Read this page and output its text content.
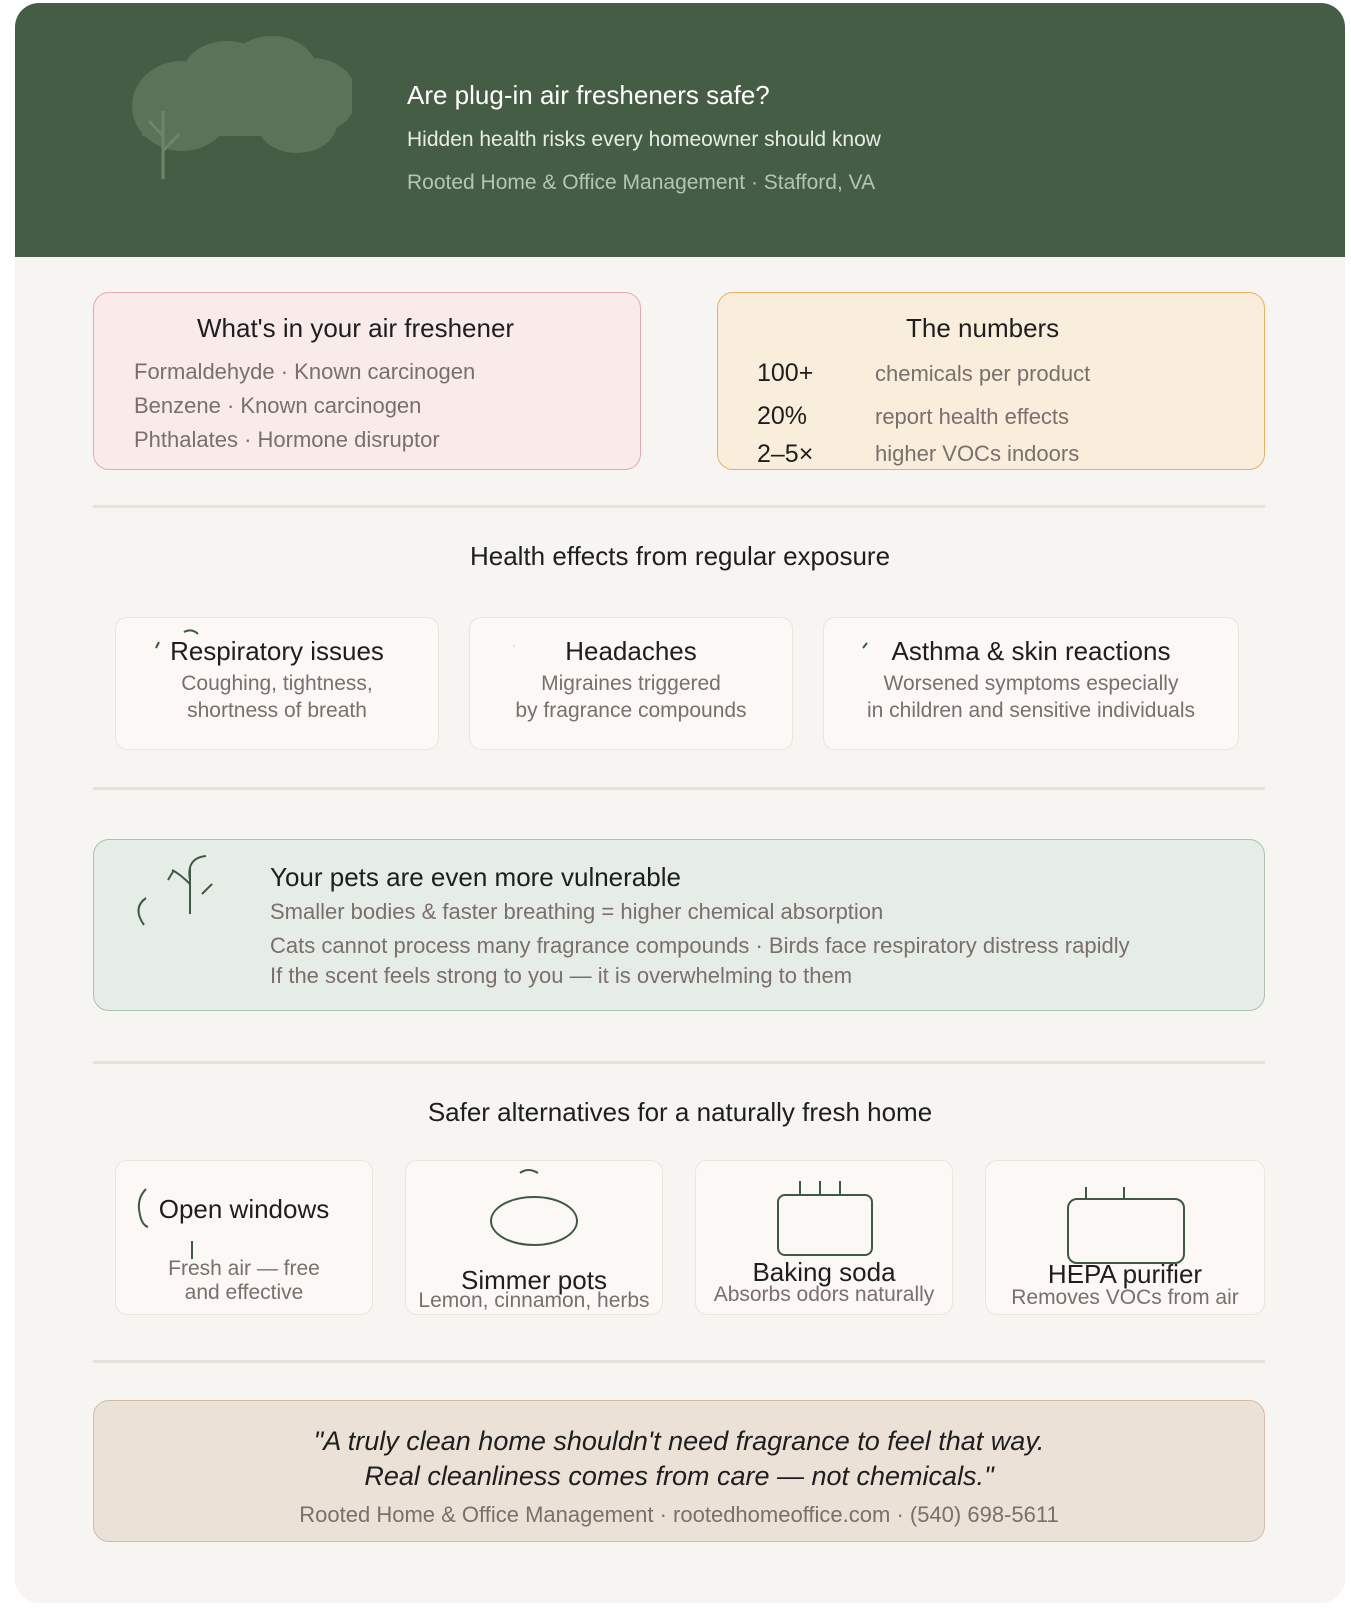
Are plug-in air fresheners safe?
Hidden health risks every homeowner should know
Rooted Home & Office Management · Stafford, VA
What's in your air freshener
Formaldehyde · Known carcinogen
Benzene · Known carcinogen
Phthalates · Hormone disruptor
The numbers
100+	chemicals per product
20%	report health effects
2–5×	higher VOCs indoors
Health effects from regular exposure
Respiratory issues
Coughing, tightness,
shortness of breath
Headaches
Migraines triggered
by fragrance compounds
Asthma & skin reactions
Worsened symptoms especially
in children and sensitive individuals
Your pets are even more vulnerable
Smaller bodies & faster breathing = higher chemical absorption
Cats cannot process many fragrance compounds · Birds face respiratory distress rapidly
If the scent feels strong to you — it is overwhelming to them
Safer alternatives for a naturally fresh home
Open windows
Fresh air — free
and effective	Simmer pots
Lemon, cinnamon, herbs
Baking soda
Absorbs odors naturally
HEPA purifier
Removes VOCs from air
"A truly clean home shouldn't need fragrance to feel that way.
Real cleanliness comes from care — not chemicals."
Rooted Home & Office Management · rootedhomeoffice.com · (540) 698-5611
